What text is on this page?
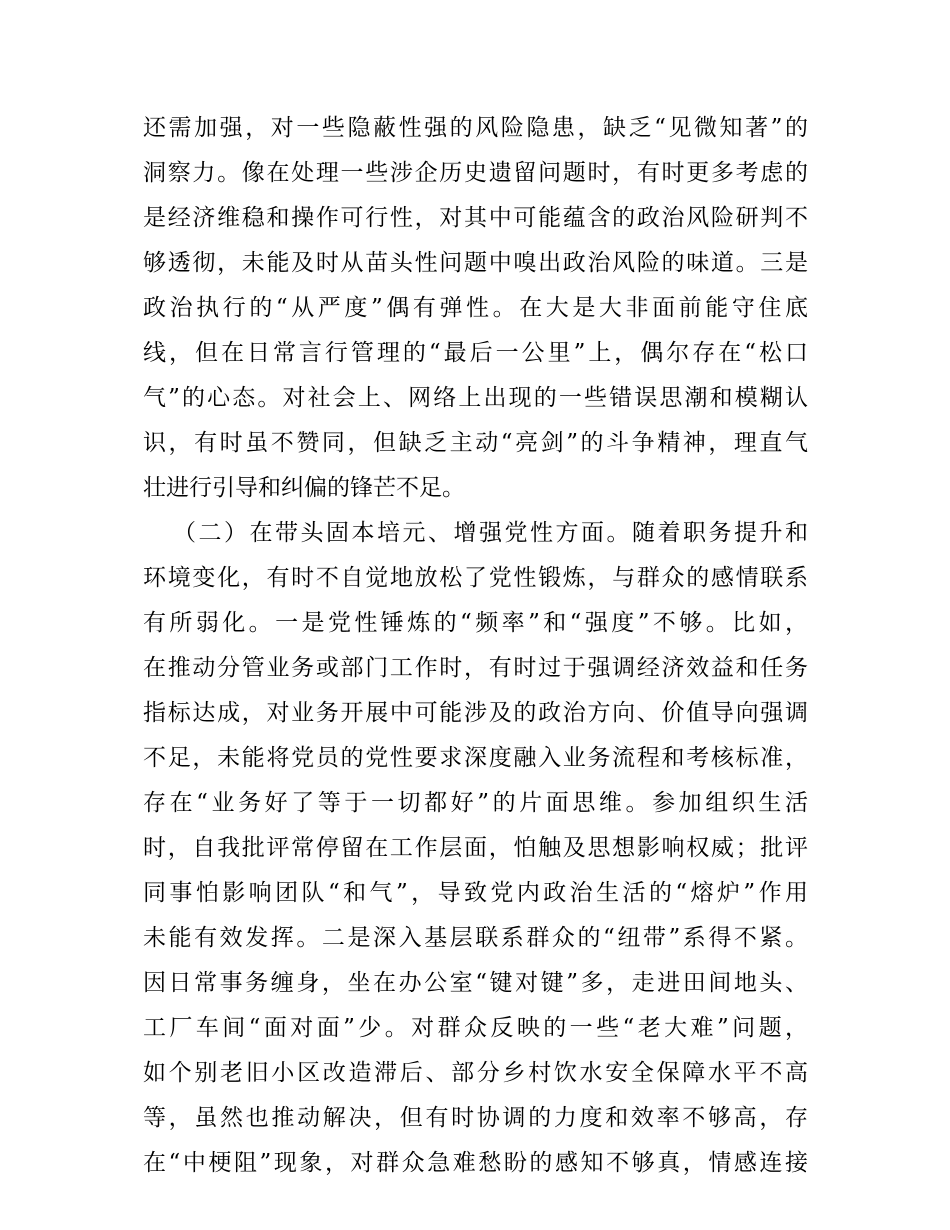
还需加强，对一些隐蔽性强的风险隐患，缺乏“见微知著”的
洞察力。像在处理一些涉企历史遗留问题时，有时更多考虑的
是经济维稳和操作可行性，对其中可能蕴含的政治风险研判不
够透彻，未能及时从苗头性问题中嗅出政治风险的味道。三是
政治执行的“从严度”偶有弹性。在大是大非面前能守住底
线，但在日常言行管理的“最后一公里”上，偶尔存在“松口
气”的心态。对社会上、网络上出现的一些错误思潮和模糊认
识，有时虽不赞同，但缺乏主动“亮剑”的斗争精神，理直气
壮进行引导和纠偏的锋芒不足。
（二）在带头固本培元、增强党性方面。随着职务提升和
环境变化，有时不自觉地放松了党性锻炼，与群众的感情联系
有所弱化。一是党性锤炼的“频率”和“强度”不够。比如，
在推动分管业务或部门工作时，有时过于强调经济效益和任务
指标达成，对业务开展中可能涉及的政治方向、价值导向强调
不足，未能将党员的党性要求深度融入业务流程和考核标准，
存在“业务好了等于一切都好”的片面思维。参加组织生活
时，自我批评常停留在工作层面，怕触及思想影响权威；批评
同事怕影响团队“和气”，导致党内政治生活的“熔炉”作用
未能有效发挥。二是深入基层联系群众的“纽带”系得不紧。
因日常事务缠身，坐在办公室“键对键”多，走进田间地头、
工厂车间“面对面”少。对群众反映的一些“老大难”问题，
如个别老旧小区改造滞后、部分乡村饮水安全保障水平不高
等，虽然也推动解决，但有时协调的力度和效率不够高，存
在“中梗阻”现象，对群众急难愁盼的感知不够真，情感连接
